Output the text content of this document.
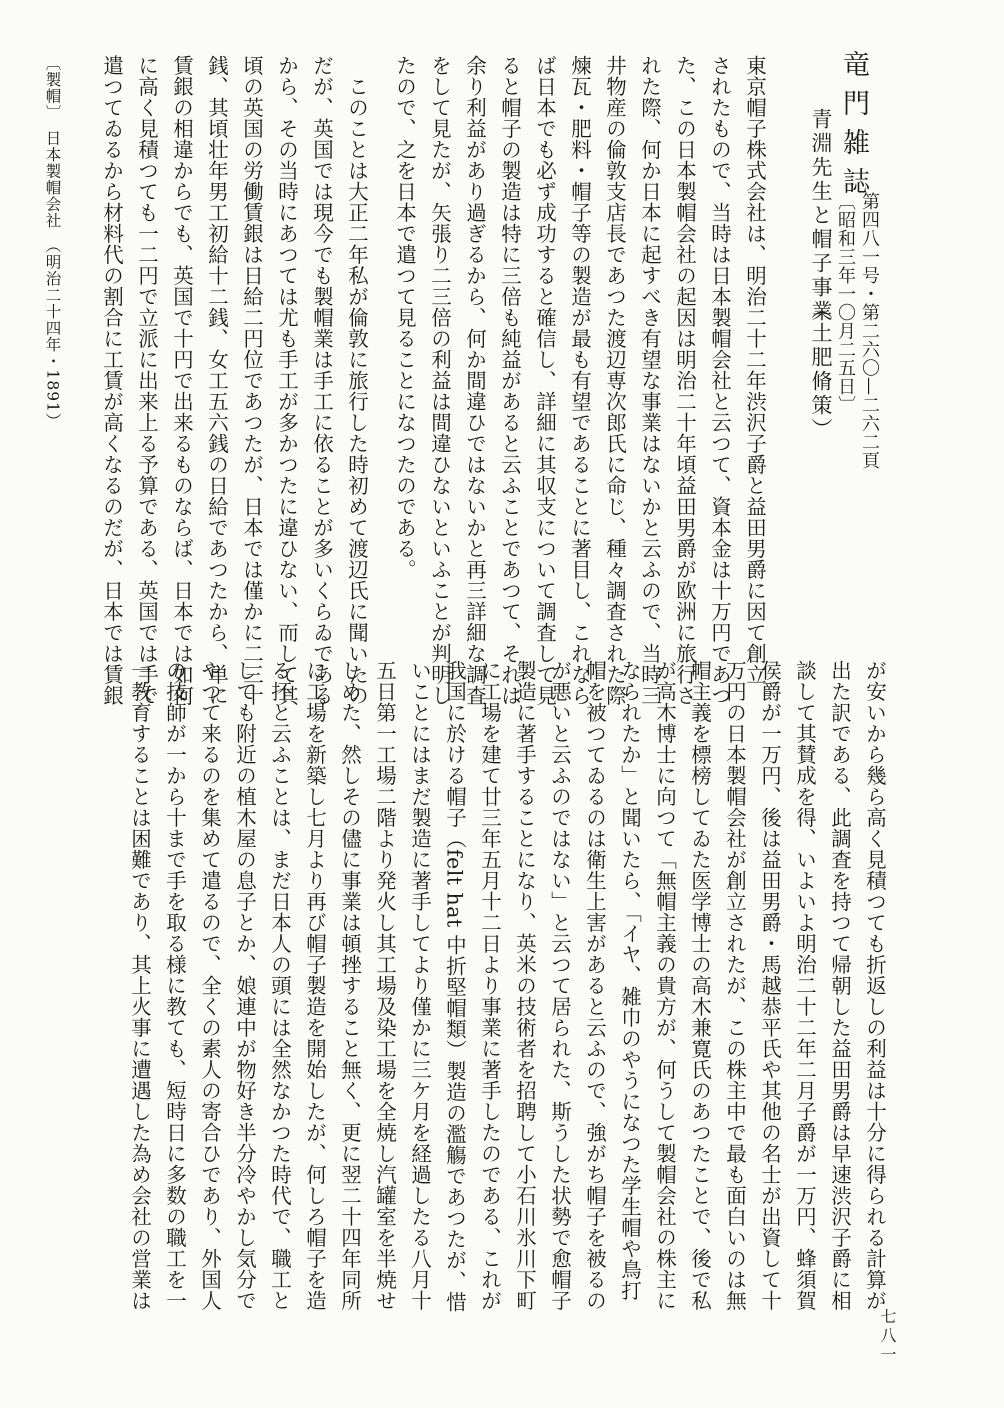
竜門雑誌
第四八一号・第二六〇—二六二頁
〔昭和三年一〇月二五日〕
青淵先生と帽子事業
（土肥脩策）
東京帽子株式会社は、明治二十二年渋沢子爵と益田男爵に因て創立
されたもので、当時は日本製帽会社と云つて、資本金は十万円であつ
た、この日本製帽会社の起因は明治二十年頃益田男爵が欧洲に旅行さ
れた際、何か日本に起すべき有望な事業はないかと云ふので、当時三
井物産の倫敦支店長であつた渡辺専次郎氏に命じ、種々調査された際
煉瓦・肥料・帽子等の製造が最も有望であることに著目し、これなら
ば日本でも必ず成功すると確信し、詳細に其収支について調査して見
ると帽子の製造は特に三倍も純益があると云ふことであつて、それは
余り利益があり過ぎるから、何か間違ひではないかと再三詳細な調査
をして見たが、矢張り二三倍の利益は間違ひないといふことが判明し
たので、之を日本で遣つて見ることになつたのである。
　このことは大正二年私が倫敦に旅行した時初めて渡辺氏に聞いたの
だが、英国では現今でも製帽業は手工に依ることが多いくらゐである
から、その当時にあつては尤も手工が多かつたに違ひない、而して其
頃の英国の労働賃銀は日給二円位であつたが、日本では僅かに二三十
銭、其頃壮年男工初給十二銭、女工五六銭の日給であつたから、単に
賃銀の相違からでも、英国で十円で出来るものならば、日本では如何
に高く見積つても一二円で立派に出来上る予算である、英国では手で
遣つてゐるから材料代の割合に工賃が高くなるのだが、日本では賃銀
が安いから幾ら高く見積つても折返しの利益は十分に得られる計算が
出た訳である、此調査を持つて帰朝した益田男爵は早速渋沢子爵に相
談して其賛成を得、いよいよ明治二十二年二月子爵が一万円、蜂須賀
侯爵が一万円、後は益田男爵・馬越恭平氏や其他の名士が出資して十
万円の日本製帽会社が創立されたが、この株主中で最も面白いのは無
帽主義を標榜してゐた医学博士の高木兼寛氏のあつたことで、後で私
が高木博士に向つて「無帽主義の貴方が、何うして製帽会社の株主に
なられたか」と聞いたら、「イヤ、雑巾のやうになつた学生帽や鳥打
帽を被つてゐるのは衛生上害があると云ふので、強がち帽子を被るの
が悪いと云ふのではない」と云つて居られた、斯うした状勢で愈帽子
製造に著手することになり、英米の技術者を招聘して小石川氷川下町
に工場を建て廿三年五月十二日より事業に著手したのである、これが
我国に於ける帽子（felt hat 中折堅帽類）製造の濫觴であつたが、惜
いことにはまだ製造に著手してより僅かに三ケ月を経過したる八月十
五日第一工場二階より発火し其工場及染工場を全焼し汽罐室を半焼せ
しめた、然しその儘に事業は頓挫すること無く、更に翌二十四年同所
に工場を新築し七月より再び帽子製造を開始したが、何しろ帽子を造
る抔と云ふことは、まだ日本人の頭には全然なかつた時代で、職工と
しても附近の植木屋の息子とか、娘連中が物好き半分冷やかし気分で
やつて来るのを集めて遣るので、全くの素人の寄合ひであり、外国人
の技師が一から十まで手を取る様に教ても、短時日に多数の職工を一
一教育することは困難であり、其上火事に遭遇した為め会社の営業は
〔製帽〕　日本製帽会社　（明治二十四年・1891）
七八一
